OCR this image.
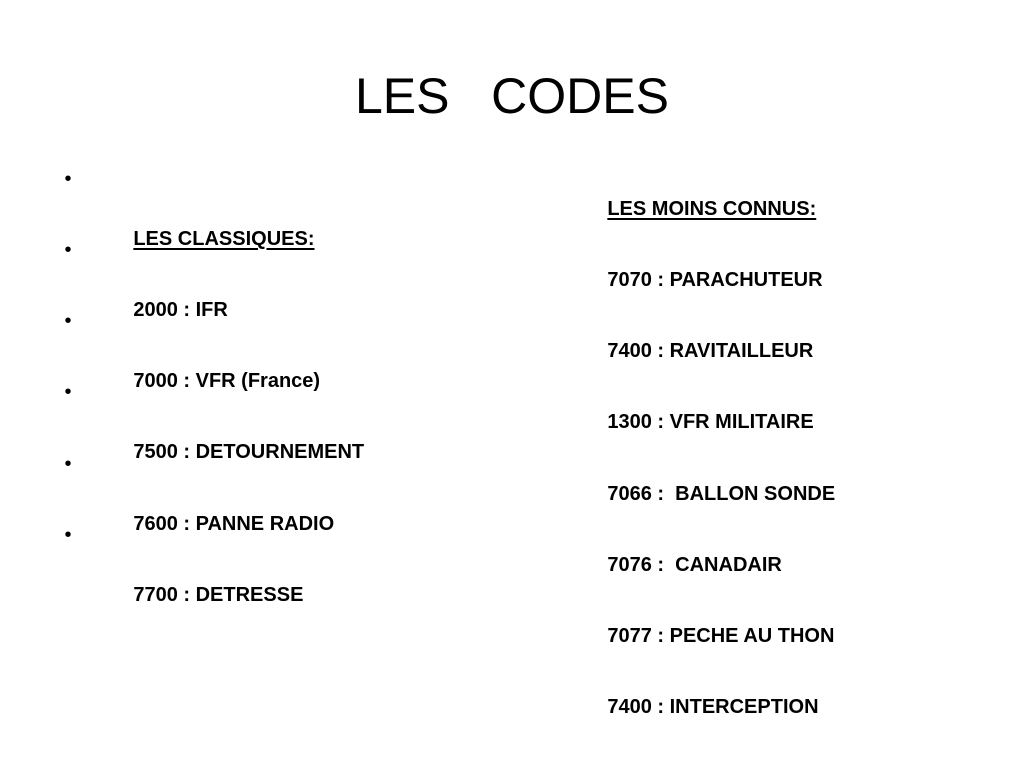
LES   CODES

•

LES CLASSIQUES:

•

2000 : IFR

•

7000 : VFR (France)

•

7500 : DETOURNEMENT

•

7600 : PANNE RADIO

•

7700 : DETRESSE

LES MOINS CONNUS:

7070 : PARACHUTEUR

7400 : RAVITAILLEUR

1300 : VFR MILITAIRE

7066 :  BALLON SONDE

7076 :  CANADAIR

7077 : PECHE AU THON

7400 : INTERCEPTION
